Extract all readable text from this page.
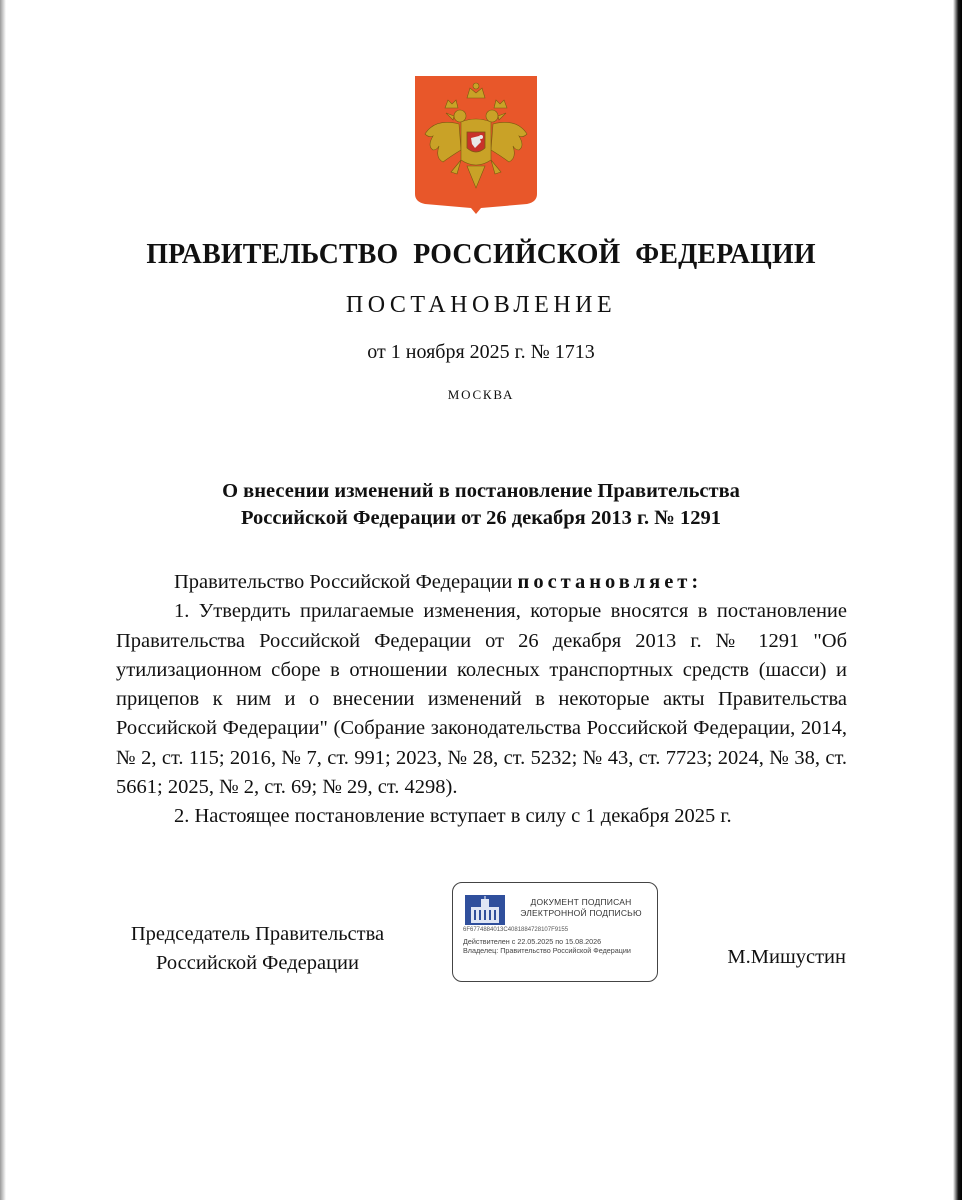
ПРАВИТЕЛЬСТВО РОССИЙСКОЙ ФЕДЕРАЦИИ
ПОСТАНОВЛЕНИЕ
от 1 ноября 2025 г. № 1713
МОСКВА
О внесении изменений в постановление Правительства
Российской Федерации от 26 декабря 2013 г. № 1291

Правительство Российской Федерации постановляет:

1. Утвердить прилагаемые изменения, которые вносятся в постановление Правительства Российской Федерации от 26 декабря 2013 г. № 1291 "Об утилизационном сборе в отношении колесных транспортных средств (шасси) и прицепов к ним и о внесении изменений в некоторые акты Правительства Российской Федерации" (Собрание законодательства Российской Федерации, 2014, № 2, ст. 115; 2016, № 7, ст. 991; 2023, № 28, ст. 5232; № 43, ст. 7723; 2024, № 38, ст. 5661; 2025, № 2, ст. 69; № 29, ст. 4298).

2. Настоящее постановление вступает в силу с 1 декабря 2025 г.

Председатель Правительства
Российской Федерации
ДОКУМЕНТ ПОДПИСАН
ЭЛЕКТРОННОЙ ПОДПИСЬЮ
6F6774884013C4081884728107F9155
Действителен с 22.05.2025 по 15.08.2026
Владелец: Правительство Российской Федерации	М.Мишустин
